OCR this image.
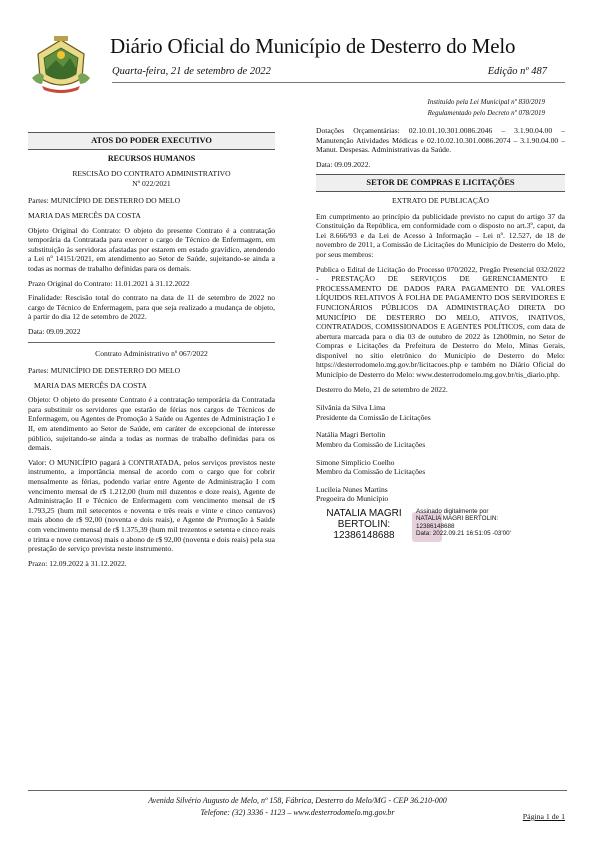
Diário Oficial do Município de Desterro do Melo
Quarta-feira, 21 de setembro de 2022	Edição nº 487
Instituído pela Lei Municipal nº 830/2019
Regulamentado pelo Decreto nº 078/2019
ATOS DO PODER EXECUTIVO
RECURSOS HUMANOS
RESCISÃO DO CONTRATO ADMINISTRATIVO
Nº 022/2021

Partes: MUNICÍPIO DE DESTERRO DO MELO

MARIA DAS MERCÊS DA COSTA

Objeto Original do Contrato: O objeto do presente Contrato é a contratação temporária da Contratada para exercer o cargo de Técnico de Enfermagem, em substituição às servidoras afastadas por estarem em estado gravídico, atendendo a Lei nº 14151/2021, em atendimento ao Setor de Saúde, sujeitando-se ainda a todas as normas de trabalho definidas para os demais.

Prazo Original do Contrato: 11.01.2021 à 31.12.2022

Finalidade: Rescisão total do contrato na data de 11 de setembro de 2022 no cargo de Técnico de Enfermagem, para que seja realizado a mudança de objeto, à partir do dia 12 de setembro de 2022.

Data: 09.09.2022

Contrato Administrativo nº 067/2022

Partes: MUNICÍPIO DE DESTERRO DO MELO

MARIA DAS MERCÊS DA COSTA

Objeto: O objeto do presente Contrato é a contratação temporária da Contratada para substituir os servidores que estarão de férias nos cargos de Técnicos de Enfermagem, ou Agentes de Promoção à Saúde ou Agentes de Administração I e II, em atendimento ao Setor de Saúde, em caráter de excepcional de interesse público, sujeitando-se ainda a todas as normas de trabalho definidas para os demais.

Valor: O MUNICÍPIO pagará à CONTRATADA, pelos serviços previstos neste instrumento, a importância mensal de acordo com o cargo que for cobrir mensalmente as férias, podendo variar entre Agente de Administração I com vencimento mensal de r$ 1.212,00 (hum mil duzentos e doze reais), Agente de Administração II e Técnico de Enfermagem com vencimento mensal de r$ 1.793,25 (hum mil setecentos e noventa e três reais e vinte e cinco centavos) mais abono de r$ 92,00 (noventa e dois reais), e Agente de Promoção à Saúde com vencimento mensal de r$ 1.375,39 (hum mil trezentos e setenta e cinco reais e trinta e nove centavos) mais o abono de r$ 92,00 (noventa e dois reais) pela sua prestação de serviço prevista neste instrumento.

Prazo: 12.09.2022 à 31.12.2022.

Dotações Orçamentárias: 02.10.01.10.301.0086.2046 – 3.1.90.04.00 – Manutenção Atividades Médicas e 02.10.02.10.301.0086.2074 – 3.1.90.04.00 – Manut. Despesas. Administrativas da Saúde.

Data: 09.09.2022.

SETOR DE COMPRAS E LICITAÇÕES
EXTRATO DE PUBLICAÇÃO

Em cumprimento ao princípio da publicidade previsto no caput do artigo 37 da Constituição da República, em conformidade com o disposto no art.3º, caput, da Lei 8.666/93 e da Lei de Acesso à Informação – Lei nº. 12.527, de 18 de novembro de 2011, a Comissão de Licitações do Município de Desterro do Melo, por seus membros:

Publica o Edital de Licitação do Processo 070/2022, Pregão Presencial 032/2022 - PRESTAÇÃO DE SERVIÇOS DE GERENCIAMENTO E PROCESSAMENTO DE DADOS PARA PAGAMENTO DE VALORES LÍQUIDOS RELATIVOS À FOLHA DE PAGAMENTO DOS SERVIDORES E FUNCIONÁRIOS PÚBLICOS DA ADMINISTRAÇÃO DIRETA DO MUNICÍPIO DE DESTERRO DO MELO, ATIVOS, INATIVOS, CONTRATADOS, COMISSIONADOS E AGENTES POLÍTICOS, com data de abertura marcada para o dia 03 de outubro de 2022 às 12h00min, no Setor de Compras e Licitações da Prefeitura de Desterro do Melo, Minas Gerais, disponível no sítio eletrônico do Município de Desterro do Melo: https://desterrodomelo.mg.gov.br/licitacoes.php e também no Diário Oficial do Município de Desterro do Melo: www.desterrodomelo.mg.gov.br/tis_diario.php.

Desterro do Melo, 21 de setembro de 2022.

Silvânia da Silva Lima
Presidente da Comissão de Licitações
Natália Magri Bertolin
Membro da Comissão de Licitações
Simone Simplício Coelho
Membro da Comissão de Licitações
Lucileia Nunes Martins
Pregoeira do Município
NATALIA MAGRI
BERTOLIN:
12386148688
Assinado digitalmente por
NATALIA MAGRI BERTOLIN:
12386148688
Data: 2022.09.21 16:51:05 -03'00'
Avenida Silvério Augusto de Melo, nº 158, Fábrica, Desterro do Melo/MG - CEP 36.210-000
Telefone: (32) 3336 - 1123 – www.desterrodomelo.mg.gov.br	Página 1 de 1
